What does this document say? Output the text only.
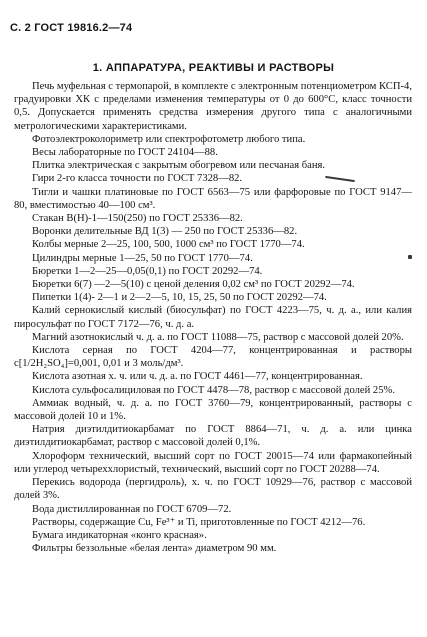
С. 2 ГОСТ 19816.2—74
1. АППАРАТУРА, РЕАКТИВЫ И РАСТВОРЫ

Печь муфельная с термопарой, в комплекте с электронным потенциометром КСП-4, градуировки ХК с пределами изменения температуры от 0 до 600°C, класс точности 0,5. Допускается применять средства измерения другого типа с аналогичными метрологическими характеристиками.

Фотоэлектроколориметр или спектрофотометр любого типа.

Весы лабораторные по ГОСТ 24104—88.

Плитка электрическая с закрытым обогревом или песчаная баня.

Гири 2-го класса точности по ГОСТ 7328—82.

Тигли и чашки платиновые по ГОСТ 6563—75 или фарфоровые по ГОСТ 9147—80, вместимостью 40—100 см³.

Стакан В(Н)-1—150(250) по ГОСТ 25336—82.

Воронки делительные ВД 1(3) — 250 по ГОСТ 25336—82.

Колбы мерные 2—25, 100, 500, 1000 см³ по ГОСТ 1770—74.

Цилиндры мерные 1—25, 50 по ГОСТ 1770—74.

Бюретки 1—2—25—0,05(0,1) по ГОСТ 20292—74.

Бюретки 6(7) —2—5(10) с ценой деления 0,02 см³ по ГОСТ 20292—74.

Пипетки 1(4)- 2—1 и 2—2—5, 10, 15, 25, 50 по ГОСТ 20292—74.

Калий сернокислый кислый (биосульфат) по ГОСТ 4223—75, ч. д. а., или калия пиросульфат по ГОСТ 7172—76, ч. д. а.

Магний азотнокислый ч. д. а. по ГОСТ 11088—75, раствор с массовой долей 20%.

Кислота серная по ГОСТ 4204—77, концентрированная и растворы c[1/2H₂SO₄]=0,001, 0,01 и 3 моль/дм³.

Кислота азотная х. ч. или ч. д. а. по ГОСТ 4461—77, концентрированная.

Кислота сульфосалициловая по ГОСТ 4478—78, раствор с массовой долей 25%.

Аммиак водный, ч. д. а. по ГОСТ 3760—79, концентрированный, растворы с массовой долей 10 и 1%.

Натрия диэтилдитиокарбамат по ГОСТ 8864—71, ч. д. а. или цинка диэтилдитиокарбамат, раствор с массовой долей 0,1%.

Хлороформ технический, высший сорт по ГОСТ 20015—74 или фармакопейный или углерод четыреххлористый, технический, высший сорт по ГОСТ 20288—74.

Перекись водорода (пергидроль), х. ч. по ГОСТ 10929—76, раствор с массовой долей 3%.

Вода дистиллированная по ГОСТ 6709—72.

Растворы, содержащие Cu, Fe³⁺ и Ti, приготовленные по ГОСТ 4212—76.

Бумага индикаторная «конго красная».

Фильтры беззольные «белая лента» диаметром 90 мм.
